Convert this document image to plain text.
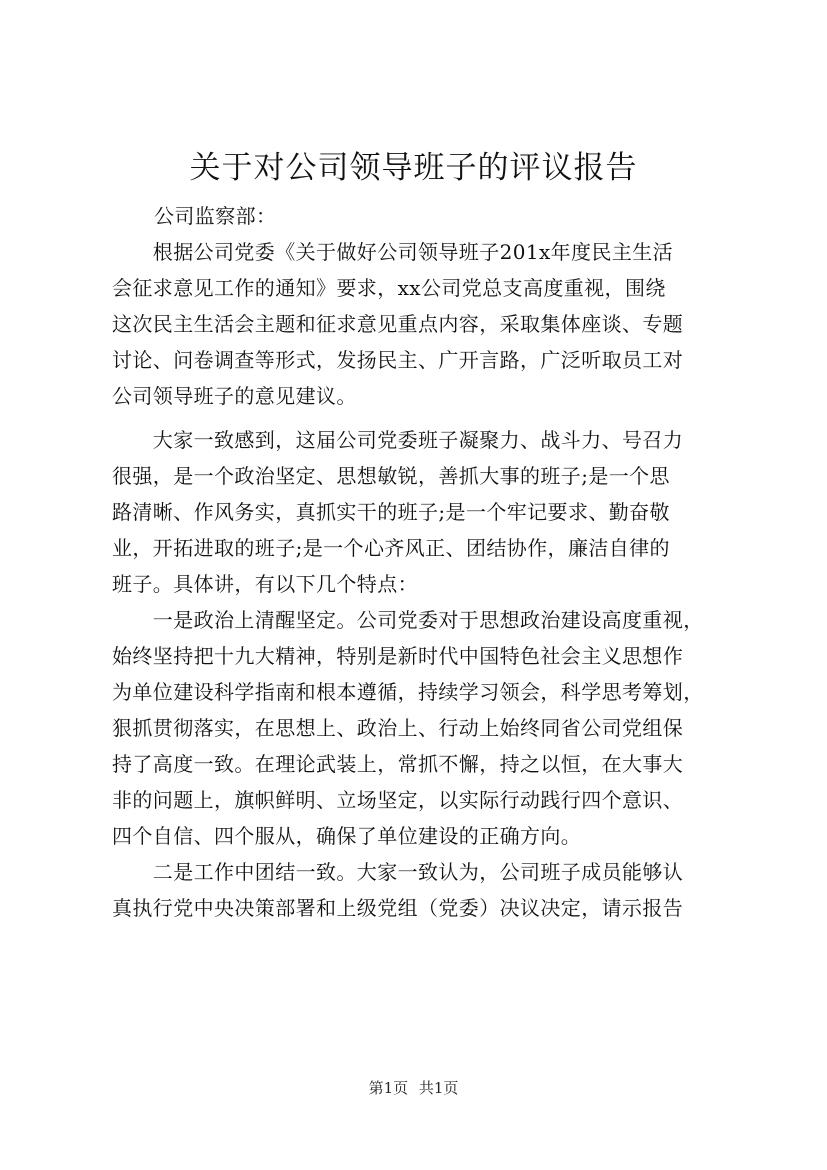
关于对公司领导班子的评议报告
公司监察部：
　　根据公司党委《关于做好公司领导班子201x年度民主生活
会征求意见工作的通知》要求，xx公司党总支高度重视，围绕
这次民主生活会主题和征求意见重点内容，采取集体座谈、专题
讨论、问卷调查等形式，发扬民主、广开言路，广泛听取员工对
公司领导班子的意见建议。
　　大家一致感到，这届公司党委班子凝聚力、战斗力、号召力
很强，是一个政治坚定、思想敏锐，善抓大事的班子;是一个思
路清晰、作风务实，真抓实干的班子;是一个牢记要求、勤奋敬
业，开拓进取的班子;是一个心齐风正、团结协作，廉洁自律的
班子。具体讲，有以下几个特点：
　　一是政治上清醒坚定。公司党委对于思想政治建设高度重视，
始终坚持把十九大精神，特别是新时代中国特色社会主义思想作
为单位建设科学指南和根本遵循，持续学习领会，科学思考筹划，
狠抓贯彻落实，在思想上、政治上、行动上始终同省公司党组保
持了高度一致。在理论武装上，常抓不懈，持之以恒，在大事大
非的问题上，旗帜鲜明、立场坚定，以实际行动践行四个意识、
四个自信、四个服从，确保了单位建设的正确方向。
　　二是工作中团结一致。大家一致认为，公司班子成员能够认
真执行党中央决策部署和上级党组（党委）决议决定，请示报告
第1页 共1页
